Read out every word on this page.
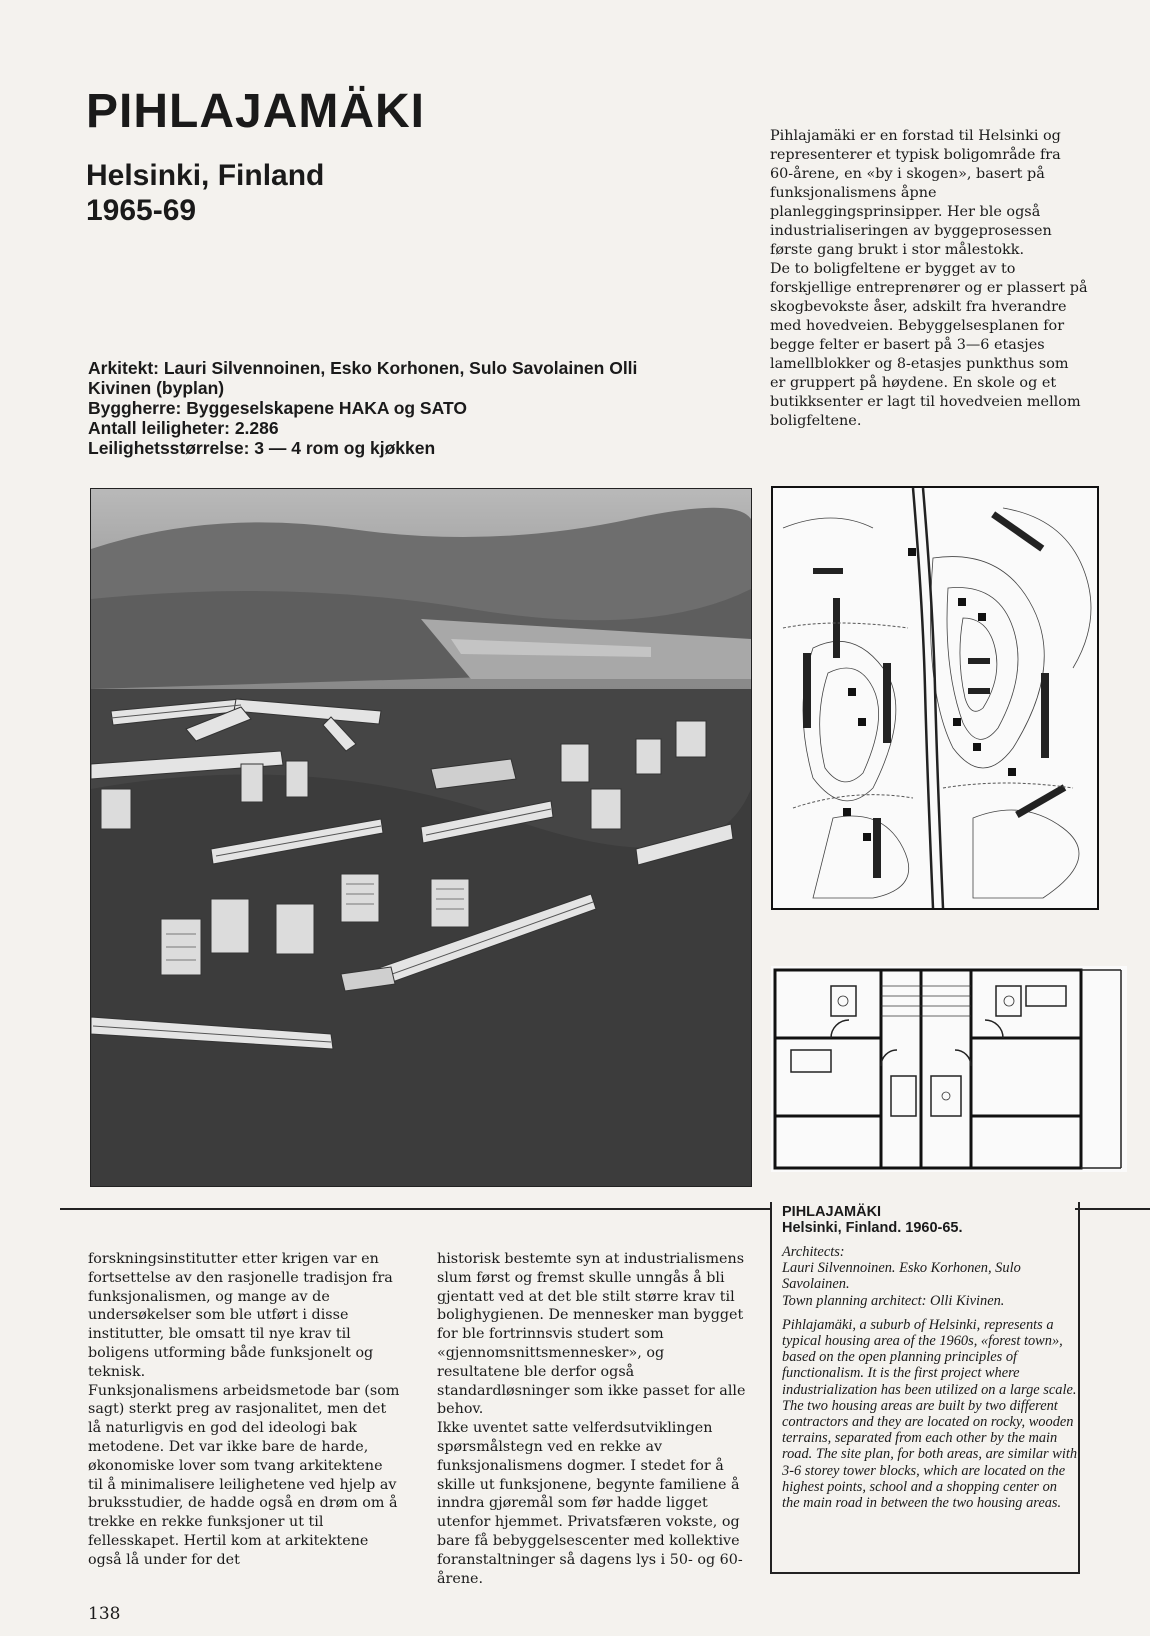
PIHLAJAMÄKI
Helsinki, Finland
1965-69
Arkitekt: Lauri Silvennoinen, Esko Korhonen, Sulo Savolainen Olli
Kivinen (byplan)
Byggherre: Byggeselskapene HAKA og SATO
Antall leiligheter: 2.286
Leilighetsstørrelse: 3 — 4 rom og kjøkken

Pihlajamäki er en forstad til Helsinki og representerer et typisk boligområde fra 60-årene, en «by i skogen», basert på funksjonalismens åpne planleggingsprinsipper. Her ble også industrialiseringen av byggeprosessen første gang brukt i stor målestokk.

De to boligfeltene er bygget av to forskjellige entreprenører og er plassert på skogbevokste åser, adskilt fra hverandre med hovedveien. Bebyggelsesplanen for begge felter er basert på 3—6 etasjes lamellblokker og 8-etasjes punkthus som er gruppert på høydene. En skole og et butikksenter er lagt til hovedveien mellom boligfeltene.

PIHLAJAMÄKI
Helsinki, Finland. 1960-65.

Architects:

Lauri Silvennoinen. Esko Korhonen, Sulo Savolainen.

Town planning architect: Olli Kivinen.

Pihlajamäki, a suburb of Helsinki, represents a typical housing area of the 1960s, «forest town», based on the open planning principles of functionalism. It is the first project where industrialization has been utilized on a large scale.

The two housing areas are built by two different contractors and they are located on rocky, wooden terrains, separated from each other by the main road. The site plan, for both areas, are similar with 3-6 storey tower blocks, which are located on the highest points, school and a shopping center on the main road in between the two housing areas.

forskningsinstitutter etter krigen var en fortsettelse av den rasjonelle tradisjon fra funksjonalismen, og mange av de undersøkelser som ble utført i disse institutter, ble omsatt til nye krav til boligens utforming både funksjonelt og teknisk.

Funksjonalismens arbeidsmetode bar (som sagt) sterkt preg av rasjonalitet, men det lå naturligvis en god del ideologi bak metodene. Det var ikke bare de harde, økonomiske lover som tvang arkitektene til å minimalisere leilighetene ved hjelp av bruksstudier, de hadde også en drøm om å trekke en rekke funksjoner ut til fellesskapet. Hertil kom at arkitektene også lå under for det

historisk bestemte syn at industrialismens slum først og fremst skulle unngås å bli gjentatt ved at det ble stilt større krav til bolighygienen. De mennesker man bygget for ble fortrinnsvis studert som «gjennomsnittsmennesker», og resultatene ble derfor også standardløsninger som ikke passet for alle behov.

Ikke uventet satte velferdsutviklingen spørsmålstegn ved en rekke av funksjonalismens dogmer. I stedet for å skille ut funksjonene, begynte familiene å inndra gjøremål som før hadde ligget utenfor hjemmet. Privatsfæren vokste, og bare få bebyggelsescenter med kollektive foranstaltninger så dagens lys i 50- og 60-årene.

138
